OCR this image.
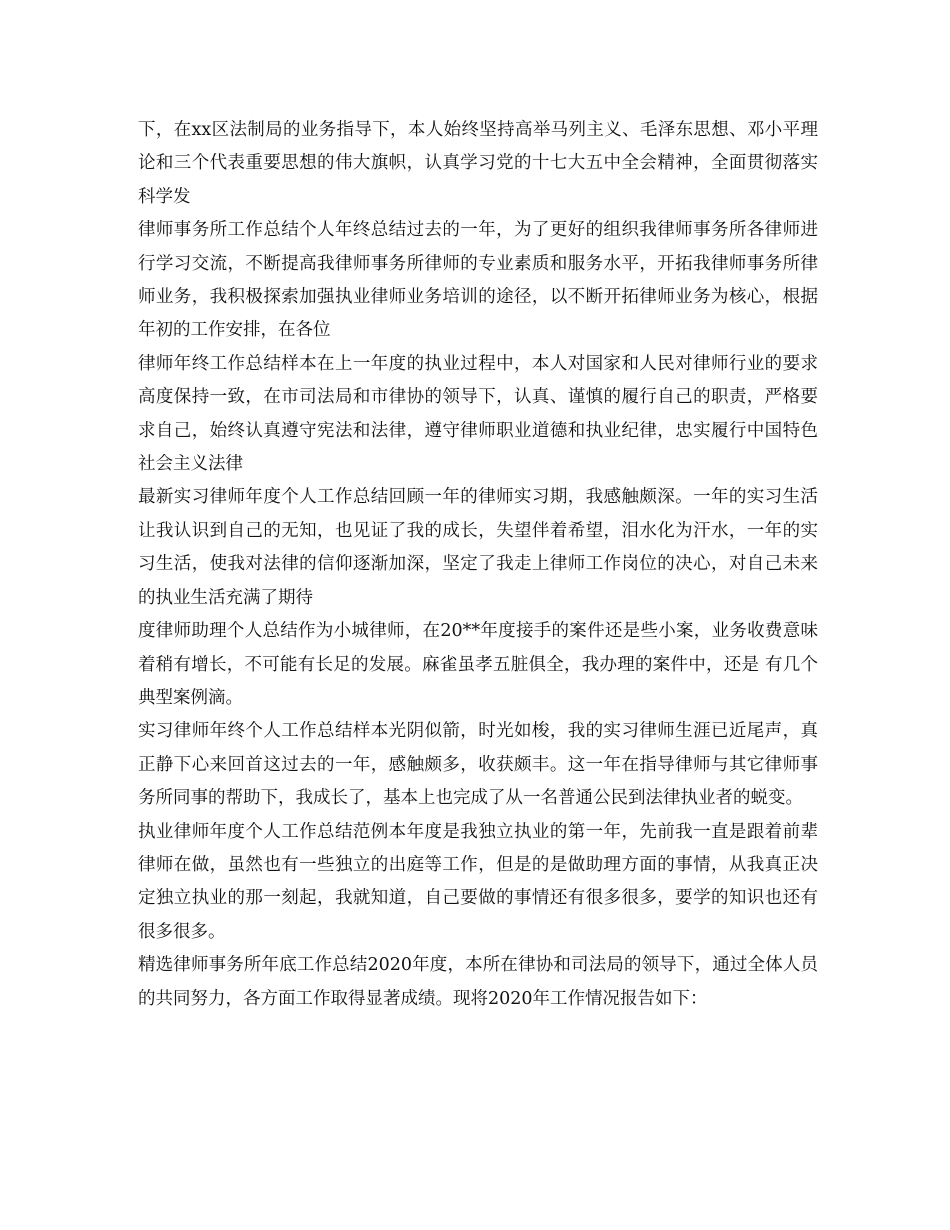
下，在xx区法制局的业务指导下，本人始终坚持高举马列主义、毛泽东思想、邓小平理论和三个代表重要思想的伟大旗帜，认真学习党的十七大五中全会精神，全面贯彻落实科学发

律师事务所工作总结个人年终总结过去的一年，为了更好的组织我律师事务所各律师进行学习交流，不断提高我律师事务所律师的专业素质和服务水平，开拓我律师事务所律师业务，我积极探索加强执业律师业务培训的途径，以不断开拓律师业务为核心，根据年初的工作安排，在各位

律师年终工作总结样本在上一年度的执业过程中，本人对国家和人民对律师行业的要求高度保持一致，在市司法局和市律协的领导下，认真、谨慎的履行自己的职责，严格要求自己，始终认真遵守宪法和法律，遵守律师职业道德和执业纪律，忠实履行中国特色社会主义法律

最新实习律师年度个人工作总结回顾一年的律师实习期，我感触颇深。一年的实习生活让我认识到自己的无知，也见证了我的成长，失望伴着希望，泪水化为汗水，一年的实习生活，使我对法律的信仰逐渐加深，坚定了我走上律师工作岗位的决心，对自己未来的执业生活充满了期待

度律师助理个人总结作为小城律师，在20**年度接手的案件还是些小案，业务收费意味着稍有增长，不可能有长足的发展。麻雀虽孝五脏俱全，我办理的案件中，还是 有几个典型案例滴。

实习律师年终个人工作总结样本光阴似箭，时光如梭，我的实习律师生涯已近尾声，真正静下心来回首这过去的一年，感触颇多，收获颇丰。这一年在指导律师与其它律师事务所同事的帮助下，我成长了，基本上也完成了从一名普通公民到法律执业者的蜕变。

执业律师年度个人工作总结范例本年度是我独立执业的第一年，先前我一直是跟着前辈律师在做，虽然也有一些独立的出庭等工作，但是的是做助理方面的事情，从我真正决定独立执业的那一刻起，我就知道，自己要做的事情还有很多很多，要学的知识也还有很多很多。

精选律师事务所年底工作总结2020年度，本所在律协和司法局的领导下，通过全体人员的共同努力，各方面工作取得显著成绩。现将2020年工作情况报告如下：
